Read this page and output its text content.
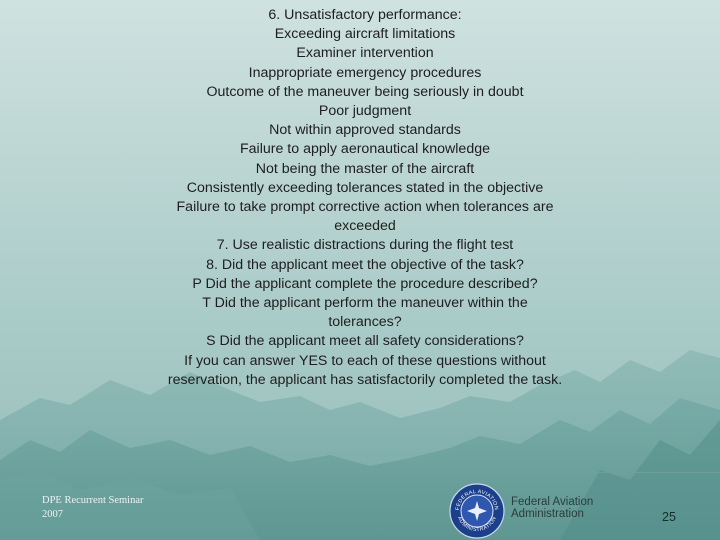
6. Unsatisfactory performance:
Exceeding aircraft limitations
Examiner intervention
Inappropriate emergency procedures
Outcome of the maneuver being seriously in doubt
Poor judgment
Not within approved standards
Failure to apply aeronautical knowledge
Not being the master of the aircraft
Consistently exceeding tolerances stated in the objective
Failure to take prompt corrective action when tolerances are
exceeded
7. Use realistic distractions during the flight test
8. Did the applicant meet the objective of the task?
P Did the applicant complete the procedure described?
T Did the applicant perform the maneuver within the
tolerances?
S Did the applicant meet all safety considerations?
If you can answer YES to each of these questions without
reservation, the applicant has satisfactorily completed the task.
DPE Recurrent Seminar
2007
FEDERAL AVIATION
ADMINISTRATION
Federal Aviation
Administration	25
